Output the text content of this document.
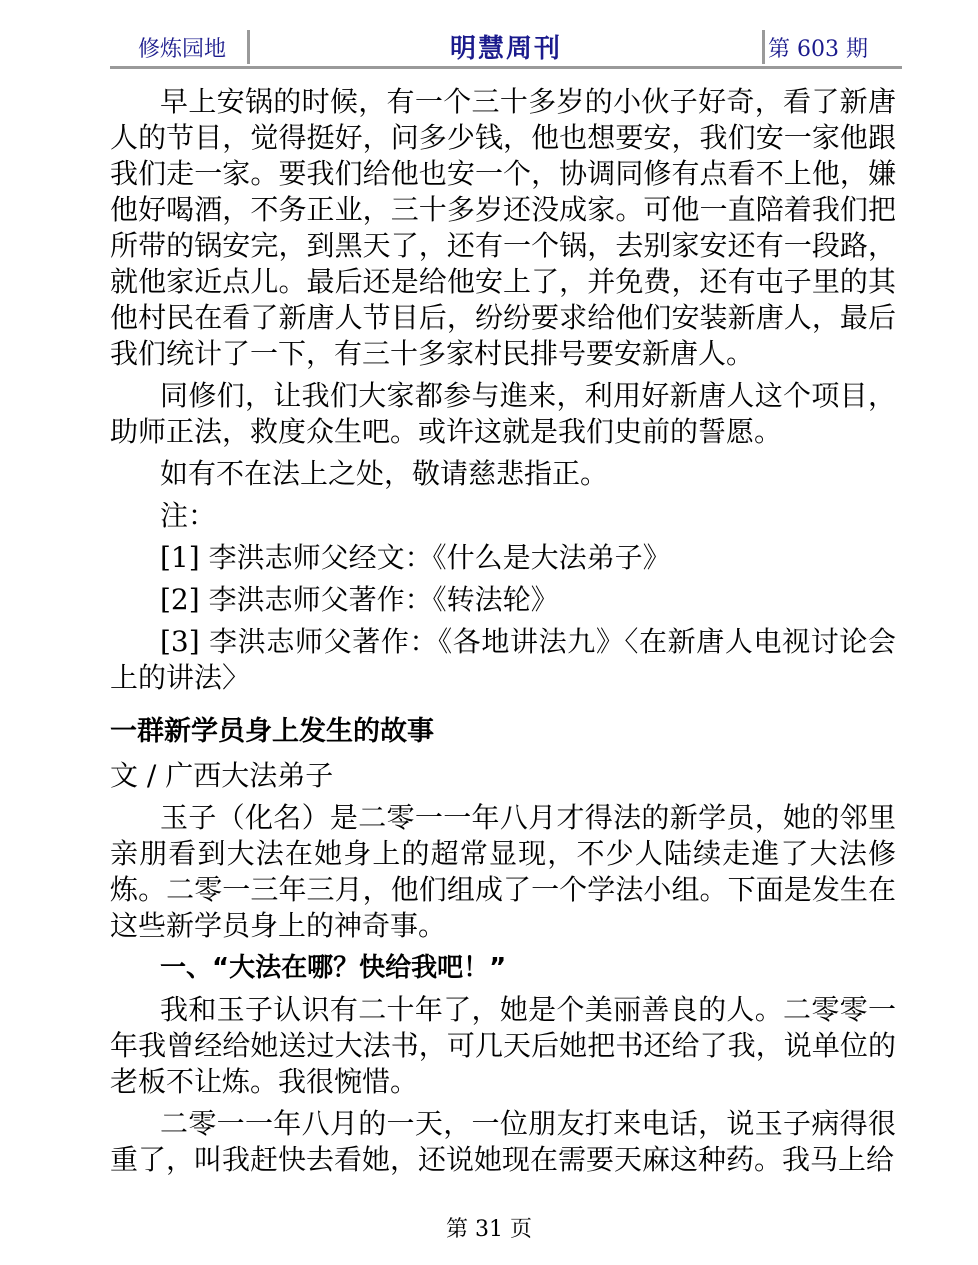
修炼园地	明慧周刊	第 603 期

早上安锅的时候，有一个三十多岁的小伙子好奇，看了新唐人的节目，觉得挺好，问多少钱，他也想要安，我们安一家他跟我们走一家。要我们给他也安一个，协调同修有点看不上他，嫌他好喝酒，不务正业，三十多岁还没成家。可他一直陪着我们把所带的锅安完，到黑天了，还有一个锅，去别家安还有一段路，就他家近点儿。最后还是给他安上了，并免费，还有屯子里的其他村民在看了新唐人节目后，纷纷要求给他们安装新唐人，最后我们统计了一下，有三十多家村民排号要安新唐人。

同修们，让我们大家都参与進来，利用好新唐人这个项目，助师正法，救度众生吧。或许这就是我们史前的誓愿。

如有不在法上之处，敬请慈悲指正。

注：

[1] 李洪志师父经文：《什么是大法弟子》

[2] 李洪志师父著作：《转法轮》

[3] 李洪志师父著作：《各地讲法九》〈在新唐人电视讨论会上的讲法〉

一群新学员身上发生的故事

文 / 广西大法弟子

玉子（化名）是二零一一年八月才得法的新学员，她的邻里亲朋看到大法在她身上的超常显现，不少人陆续走進了大法修炼。二零一三年三月，他们组成了一个学法小组。下面是发生在这些新学员身上的神奇事。

一、“大法在哪？快给我吧！”

我和玉子认识有二十年了，她是个美丽善良的人。二零零一年我曾经给她送过大法书，可几天后她把书还给了我，说单位的老板不让炼。我很惋惜。

二零一一年八月的一天，一位朋友打来电话，说玉子病得很重了，叫我赶快去看她，还说她现在需要天麻这种药。我马上给

第 31 页
